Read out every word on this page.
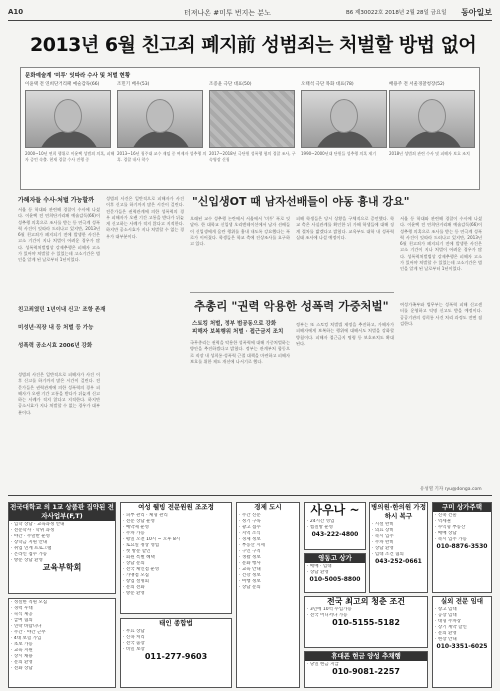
A10	터져나온 #미투 번지는 분노	B6 제30022호 2018년 2월 28일 금요일 동아일보
2013년 6월 친고죄 폐지前 성범죄는 처벌할 방법 없어
문화예술계 '미투' 잇따라 수사 및 처벌 현황
이윤택 전 연희단거리패 예술감독(66)
2000~10년 연희 행위로 이윤택 성범죄 의혹, 피해자 증언 속출. 현재 경찰 수사 진행 중
조민기 배우(53)
2013~16년 청주대 교수 재임 중 여제자 성추행 의혹. 경찰 내사 착수
조증윤 극단 대표(50)
2017~2018년 극단원 성폭행 혐의 경찰 조사, 구속영장 신청
오태석 극단 목화 대표(78)
1990~2000년대 단원들 성추행 의혹 제기
배용주 전 서울경찰청장(52)
2018년 성범죄 관련 수사 및 피해자 보호 조치
가해자들 수사·처벌 가능할까

서울 등 학대와 관련해 경찰이 수사에 나섰다. 이윤택 전 연희단거리패 예술감독(66)이 성추행 의혹으로 조사를 받는 등 연극계 성폭력 사건이 잇따라 드러나고 있지만, 2013년 6월 친고죄가 폐지되기 전에 발생한 사건은 고소 기간이 지나 처벌이 어려운 경우가 많다. 성폭력처벌법상 강제추행은 피해자 고소가 있어야 처벌할 수 있었는데 고소기간은 범인을 알게 된 날로부터 1년이었다.

친고죄였던 1년이내 신고' 조항 존재
미성년·직장 내 등 처벌 등 가능
성폭력 공소시효 2006년 강화

성범죄 사건은 일반적으로 피해자가 사건 이후 신고를 하기까지 많은 시간이 걸린다. 전문가들은 권력관계에 의한 성폭력의 경우 피해자가 오랜 기간 고통을 받다가 뒤늦게 신고하는 사례가 적지 않다고 지적한다. 하지만 공소시효가 지나 처벌할 수 없는 경우가 대부분이다.

성범죄 사건은 일반적으로 피해자가 사건 이후 신고를 하기까지 많은 시간이 걸린다. 전문가들은 권력관계에 의한 성폭력의 경우 피해자가 오랜 기간 고통을 받다가 뒤늦게 신고하는 사례가 적지 않다고 지적한다. 하지만 공소시효가 지나 처벌할 수 없는 경우가 대부분이다.

"신입생OT 때 남자선배들이 야동 흉내 강요"

오래된 교수 성추행 논란에서 서울에서 '미투' 폭로 잇달아. 한 대학교 신입생 오리엔테이션에서 남자 선배들이 신입생에게 음란 행위를 흉내 내도록 강요했다는 폭로가 이어졌다. 학생들은 학교 측에 진상조사를 요구하고 있다.

피해 학생들은 당시 상황을 구체적으로 증언했다. 학교 측은 사실관계를 확인한 뒤 가해 학생들에 대해 징계 절차를 밟겠다고 밝혔다. 교육부도 대학 내 성폭력 실태 조사에 나설 예정이다.

서울 등 학대와 관련해 경찰이 수사에 나섰다. 이윤택 전 연희단거리패 예술감독(66)이 성추행 의혹으로 조사를 받는 등 연극계 성폭력 사건이 잇따라 드러나고 있지만, 2013년 6월 친고죄가 폐지되기 전에 발생한 사건은 고소 기간이 지나 처벌이 어려운 경우가 많다. 성폭력처벌법상 강제추행은 피해자 고소가 있어야 처벌할 수 있었는데 고소기간은 범인을 알게 된 날로부터 1년이었다.

추총리 "권력 악용한 성폭력 가중처벌"
스토킹 처벌, 정부 범공동으로 강화
피해자 보복행위 처벌 · 접근금지 조치

국무총리는 권력을 악용한 성폭력에 대해 가중처벌하는 방안을 추진하겠다고 밝혔다. 정부는 관계부처 합동으로 직장 내 성희롱·성폭력 근절 대책을 마련하고 피해자 보호를 위한 제도 개선에 나서기로 했다.

정부는 또 스토킹 처벌법 제정을 추진하고, 가해자가 피해자에게 보복하는 행위에 대해서도 처벌을 강화할 방침이다. 피해자 접근금지 명령 등 보호조치도 확대된다.

여성가족부와 법무부는 성폭력 피해 신고센터를 운영하고 익명 신고도 받을 예정이다. 공공기관의 성희롱 사건 처리 과정도 전면 점검한다.

유성열 기자 ryu@donga.com
전국대학교 의 1교 상품판 집약된 전자사업부(F,T)
· 입학 상담 · 교육과정 안내
· 전문학사 · 학위 과정
· 야간 · 주말반 운영
· 장학금 지원 안내
· 취업 연계 프로그램
· 온라인 접수 가능
· 방문 상담 환영
교육부학회
· 성실한 직원 모집
· 경력 우대
· 숙식 제공
· 급여 협의
· 연락 바랍니다
· 주간 · 야간 근무
· 4대 보험 가입
· 초보 가능
· 교육 지원
· 상시 채용
· 문의 환영
· 전화 상담
여성 웰빙 전문원원 조조정
· 피부 관리 · 체형 관리
· 전문 상담 운영
· 예약제 운영
· 주차 가능
· 평일 오전 10시 ~ 오후 8시
· 토요일 정상 영업
· 첫 방문 할인
· 회원 특별 혜택
· 상담 문의
· 전국 체인점 운영
· 가맹점 모집
· 창업 설명회
· 문의 전화
· 방문 환영
태인 종합법
· 무료 상담
· 신속 처리
· 전국 출장
· 비밀 보장
011-277-9603
경제 도시
· 주간 신문
· 정기 구독
· 광고 접수
· 지역 소식
· 경제 정보
· 부동산 시세
· 구인 구직
· 생활 정보
· 문화 행사
· 교육 안내
· 건강 정보
· 여행 정보
· 상담 문의
사우나 ~
· 24시간 영업
· 찜질방 운영
043-222-4800
영동고 상가
· 매매 · 임대
· 상담 환영
010-5005-8800
전국 최고의 청춘 조건
· 3년에 10억 수입가능
· 전국 어디서나 가능
010-5155-5182
휴대폰 현금 양성 추채행
· 당일 현금 지급
010-9081-2257
병의원·한의원 가정하시 복구
· 시설 완비
· 의료 장비
· 즉시 입주
· 주차 완비
· 상담 환영
· 임대 조건 협의
043-252-0661
구미 상가주택
· 신축 건물
· 역세권
· 수익형 부동산
· 매매 상담
· 즉시 입주 가능
010-8876-3530
실외 전문 임대
· 창고 임대
· 공장 임대
· 대형 주차장
· 장기 계약 할인
· 문의 환영
· 현장 안내
010-3351-6025
